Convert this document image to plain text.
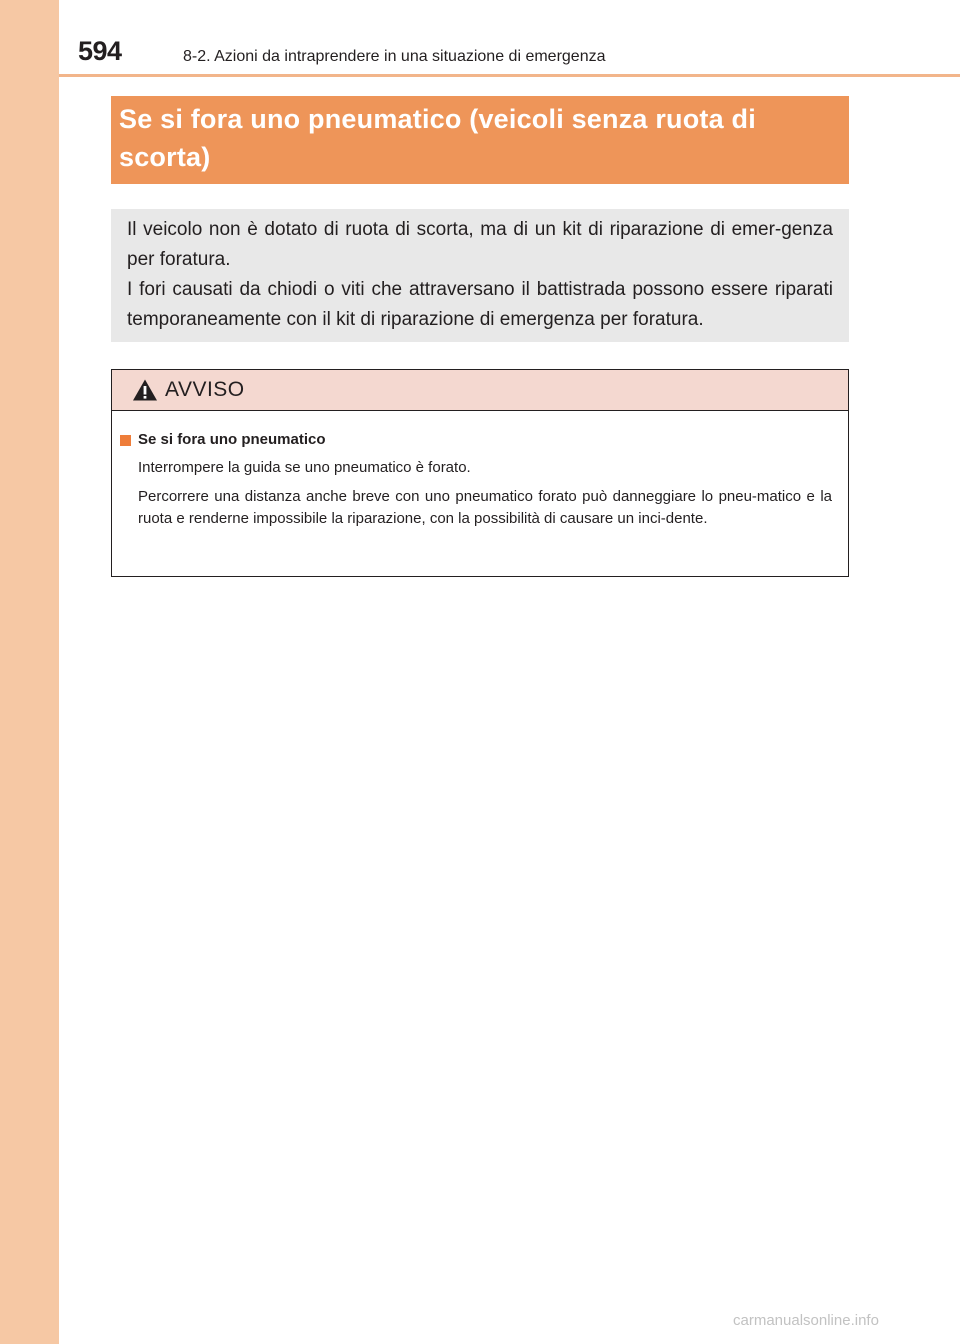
594	8-2. Azioni da intraprendere in una situazione di emergenza
Se si fora uno pneumatico (veicoli senza ruota di scorta)

Il veicolo non è dotato di ruota di scorta, ma di un kit di riparazione di emer-genza per foratura.

I fori causati da chiodi o viti che attraversano il battistrada possono essere riparati temporaneamente con il kit di riparazione di emergenza per foratura.

AVVISO
Se si fora uno pneumatico

Interrompere la guida se uno pneumatico è forato.

Percorrere una distanza anche breve con uno pneumatico forato può danneggiare lo pneu-matico e la ruota e renderne impossibile la riparazione, con la possibilità di causare un inci-dente.

carmanualsonline.info
